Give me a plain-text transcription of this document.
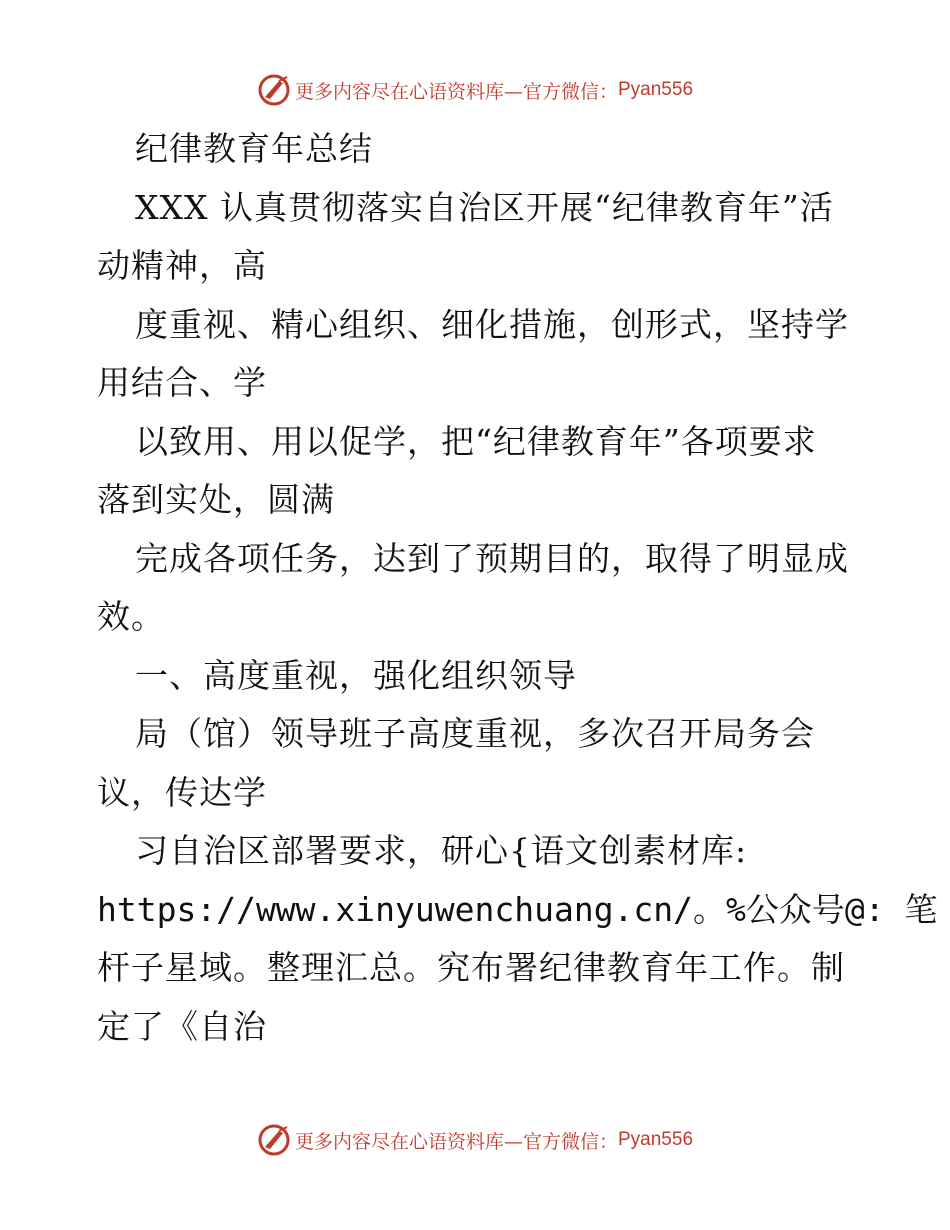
更多内容尽在心语资料库—官方微信： Pyan556
纪律教育年总结
XXX 认真贯彻落实自治区开展“纪律教育年”活
动精神，高
度重视、精心组织、细化措施，创形式，坚持学
用结合、学
以致用、用以促学，把“纪律教育年”各项要求
落到实处，圆满
完成各项任务，达到了预期目的，取得了明显成
效。
一、高度重视，强化组织领导
局（馆）领导班子高度重视，多次召开局务会
议，传达学
习自治区部署要求，研心{语文创素材库:
https://www.xinyuwenchuang.cn/。%公众号@: 笔
杆子星域。整理汇总。究布署纪律教育年工作。制
定了《自治
更多内容尽在心语资料库—官方微信： Pyan556
